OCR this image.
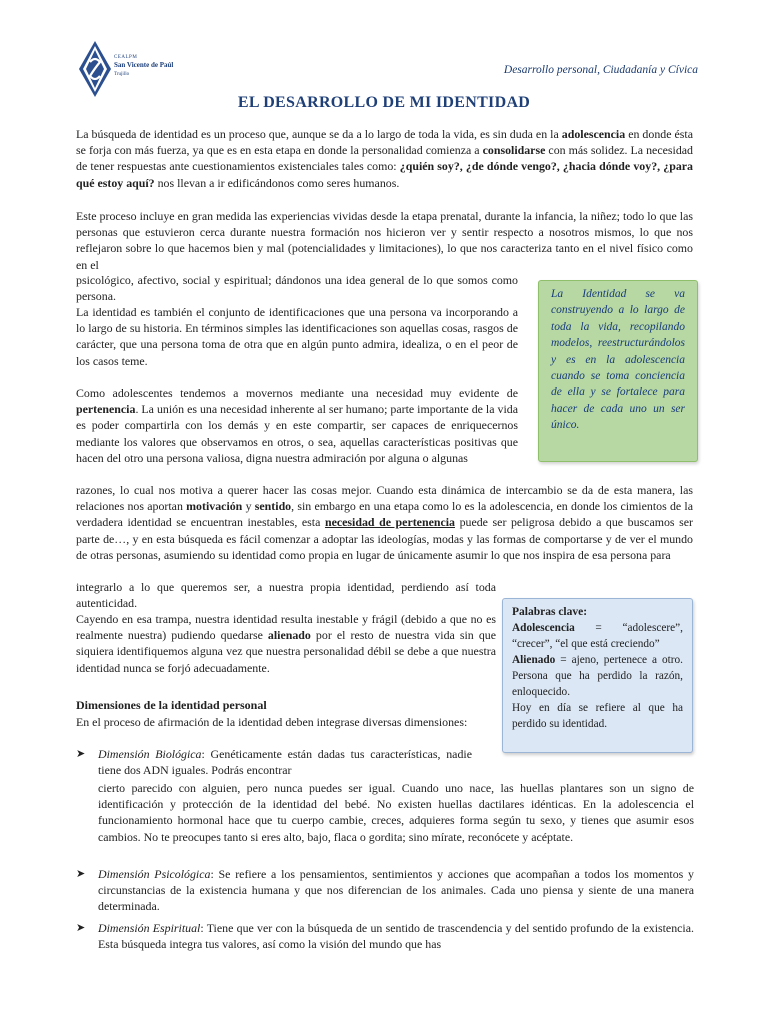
CEALPM
San Vicente de Paúl
Trujillo	Desarrollo personal, Ciudadanía y Cívica
EL DESARROLLO DE MI IDENTIDAD

La búsqueda de identidad es un proceso que, aunque se da a lo largo de toda la vida, es sin duda en la adolescencia en donde ésta se forja con más fuerza, ya que es en esta etapa en donde la personalidad comienza a consolidarse con más solidez. La necesidad de tener respuestas ante cuestionamientos existenciales tales como: ¿quién soy?, ¿de dónde vengo?, ¿hacia dónde voy?, ¿para qué estoy aquí? nos llevan a ir edificándonos como seres humanos.

Este proceso incluye en gran medida las experiencias vividas desde la etapa prenatal, durante la infancia, la niñez; todo lo que las personas que estuvieron cerca durante nuestra formación nos hicieron ver y sentir respecto a nosotros mismos, lo que nos reflejaron sobre lo que hacemos bien y mal (potencialidades y limitaciones), lo que nos caracteriza tanto en el nivel físico como en el

psicológico, afectivo, social y espiritual; dándonos una idea general de lo que somos como persona.	La Identidad se va construyendo a lo largo de toda la vida, recopilando modelos, reestructurándolos y es en la adolescencia cuando se toma conciencia de ella y se fortalece para hacer de cada uno un ser único.

La identidad es también el conjunto de identificaciones que una persona va incorporando a lo largo de su historia. En términos simples las identificaciones son aquellas cosas, rasgos de carácter, que una persona toma de otra que en algún punto admira, idealiza, o en el peor de los casos teme.

Como adolescentes tendemos a movernos mediante una necesidad muy evidente de pertenencia. La unión es una necesidad inherente al ser humano; parte importante de la vida es poder compartirla con los demás y en este compartir, ser capaces de enriquecernos mediante los valores que observamos en otros, o sea, aquellas características positivas que hacen del otro una persona valiosa, digna nuestra admiración por alguna o algunas

razones, lo cual nos motiva a querer hacer las cosas mejor. Cuando esta dinámica de intercambio se da de esta manera, las relaciones nos aportan motivación y sentido, sin embargo en una etapa como lo es la adolescencia, en donde los cimientos de la verdadera identidad se encuentran inestables, esta necesidad de pertenencia puede ser peligrosa debido a que buscamos ser parte de…, y en esta búsqueda es fácil comenzar a adoptar las ideologías, modas y las formas de comportarse y de ver el mundo de otras personas, asumiendo su identidad como propia en lugar de únicamente asumir lo que nos inspira de esa persona para

integrarlo a lo que queremos ser, a nuestra propia identidad, perdiendo así toda autenticidad.

Palabras clave:

Adolescencia = “adolescere”, “crecer”, “el que está creciendo”

Alienado = ajeno, pertenece a otro. Persona que ha perdido la razón, enloquecido.

Hoy en día se refiere al que ha perdido su identidad.

Cayendo en esa trampa, nuestra identidad resulta inestable y frágil (debido a que no es realmente nuestra) pudiendo quedarse alienado por el resto de nuestra vida sin que siquiera identifiquemos alguna vez que nuestra personalidad débil se debe a que nuestra identidad nunca se forjó adecuadamente.

Dimensiones de la identidad personal

En el proceso de afirmación de la identidad deben integrase diversas dimensiones:

➤ Dimensión Biológica: Genéticamente están dadas tus características, nadie tiene dos ADN iguales. Podrás encontrar

cierto parecido con alguien, pero nunca puedes ser igual. Cuando uno nace, las huellas plantares son un signo de identificación y protección de la identidad del bebé. No existen huellas dactilares idénticas. En la adolescencia el funcionamiento hormonal hace que tu cuerpo cambie, creces, adquieres forma según tu sexo, y tienes que asumir esos cambios. No te preocupes tanto si eres alto, bajo, flaca o gordita; sino mírate, reconócete y acéptate.

➤ Dimensión Psicológica: Se refiere a los pensamientos, sentimientos y acciones que acompañan a todos los momentos y circunstancias de la existencia humana y que nos diferencian de los animales. Cada uno piensa y siente de una manera determinada.

➤ Dimensión Espiritual: Tiene que ver con la búsqueda de un sentido de trascendencia y del sentido profundo de la existencia. Esta búsqueda integra tus valores, así como la visión del mundo que has
